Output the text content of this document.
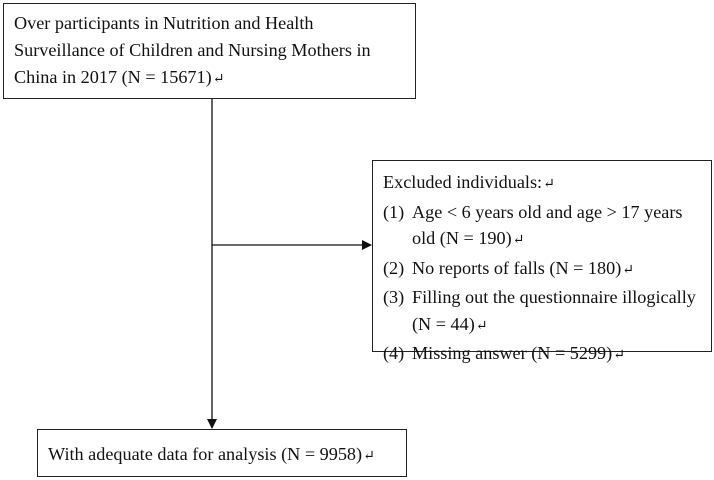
Over participants in Nutrition and Health Surveillance of Children and Nursing Mothers in China in 2017 (N = 15671)↵
Excluded individuals:↵
(1) Age < 6 years old and age > 17 years old (N = 190)↵
(2) No reports of falls (N = 180)↵
(3) Filling out the questionnaire illogically (N = 44)↵
(4) Missing answer (N = 5299)↵
With adequate data for analysis (N = 9958)↵
